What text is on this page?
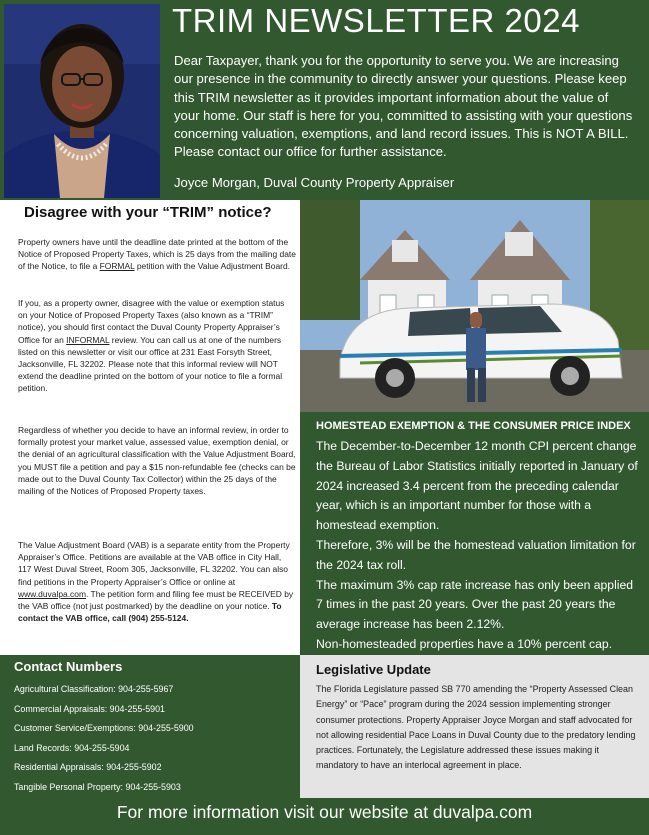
TRIM NEWSLETTER 2024
Dear Taxpayer, thank you for the opportunity to serve you. We are increasing our presence in the community to directly answer your questions. Please keep this TRIM newsletter as it provides important information about the value of your home. Our staff is here for you, committed to assisting with your questions concerning valuation, exemptions, and land record issues. This is NOT A BILL. Please contact our office for further assistance.
Joyce Morgan, Duval County Property Appraiser
Disagree with your “TRIM” notice?

Property owners have until the deadline date printed at the bottom of the Notice of Proposed Property Taxes, which is 25 days from the mailing date of the Notice, to file a FORMAL petition with the Value Adjustment Board.

If you, as a property owner, disagree with the value or exemption status on your Notice of Proposed Property Taxes (also known as a “TRIM” notice), you should first contact the Duval County Property Appraiser’s Office for an INFORMAL review. You can call us at one of the numbers listed on this newsletter or visit our office at 231 East Forsyth Street, Jacksonville, FL 32202. Please note that this informal review will NOT extend the deadline printed on the bottom of your notice to file a formal petition.

Regardless of whether you decide to have an informal review, in order to formally protest your market value, assessed value, exemption denial, or the denial of an agricultural classification with the Value Adjustment Board, you MUST file a petition and pay a $15 non-refundable fee (checks can be made out to the Duval County Tax Collector) within the 25 days of the mailing of the Notices of Proposed Property taxes.

The Value Adjustment Board (VAB) is a separate entity from the Property Appraiser’s Office. Petitions are available at the VAB office in City Hall, 117 West Duval Street, Room 305, Jacksonville, FL 32202. You can also find petitions in the Property Appraiser’s Office or online at www.duvalpa.com. The petition form and filing fee must be RECEIVED by the VAB office (not just postmarked) by the deadline on your notice. To contact the VAB office, call (904) 255-5124.

HOMESTEAD EXEMPTION & THE CONSUMER PRICE INDEX

The December-to-December 12 month CPI percent change the Bureau of Labor Statistics initially reported in January of 2024 increased 3.4 percent from the preceding calendar year, which is an important number for those with a homestead exemption.

Therefore, 3% will be the homestead valuation limitation for the 2024 tax roll.

The maximum 3% cap rate increase has only been applied 7 times in the past 20 years. Over the past 20 years the average increase has been 2.12%.

Non-homesteaded properties have a 10% percent cap.

Contact Numbers
Agricultural Classification: 904-255-5967
Commercial Appraisals: 904-255-5901
Customer Service/Exemptions: 904-255-5900
Land Records: 904-255-5904
Residential Appraisals: 904-255-5902
Tangible Personal Property: 904-255-5903
Legislative Update

The Florida Legislature passed SB 770 amending the “Property Assessed Clean Energy” or “Pace” program during the 2024 session implementing stronger consumer protections. Property Appraiser Joyce Morgan and staff advocated for not allowing residential Pace Loans in Duval County due to the predatory lending practices. Fortunately, the Legislature addressed these issues making it mandatory to have an interlocal agreement in place.

For more information visit our website at duvalpa.com
